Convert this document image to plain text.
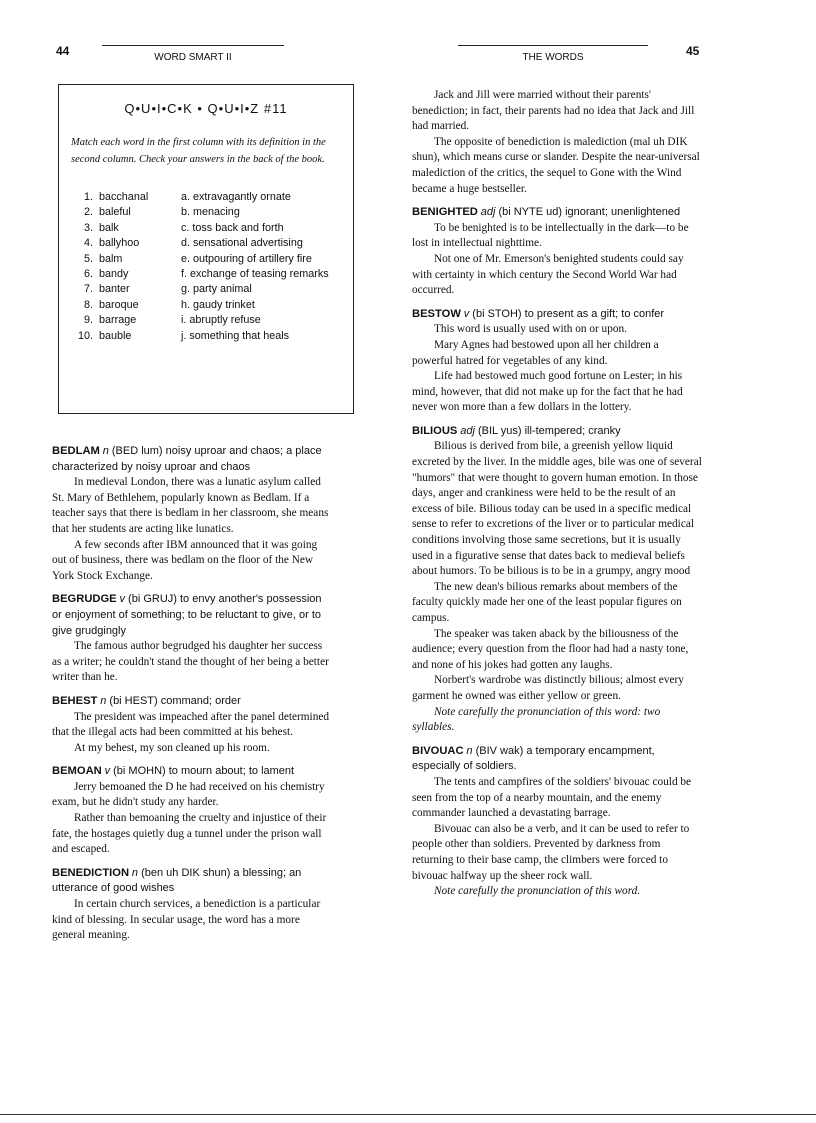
44	WORD SMART II	THE WORDS	45
Q•U•I•C•K • Q•U•I•Z #11

Match each word in the first column with its definition in the second column. Check your answers in the back of the book.

1. bacchanal	a. extravagantly ornate
2. baleful	b. menacing
3. balk	c. toss back and forth
4. ballyhoo	d. sensational advertising
5. balm	e. outpouring of artillery fire
6. bandy	f. exchange of teasing remarks
7. banter	g. party animal
8. baroque	h. gaudy trinket
9. barrage	i. abruptly refuse
10. bauble	j. something that heals

BEDLAM n (BED lum) noisy uproar and chaos; a place characterized by noisy uproar and chaos

In medieval London, there was a lunatic asylum called St. Mary of Bethlehem, popularly known as Bedlam. If a teacher says that there is bedlam in her classroom, she means that her students are acting like lunatics.

A few seconds after IBM announced that it was going out of business, there was bedlam on the floor of the New York Stock Exchange.

BEGRUDGE v (bi GRUJ) to envy another's possession or enjoyment of something; to be reluctant to give, or to give grudgingly

The famous author begrudged his daughter her success as a writer; he couldn't stand the thought of her being a better writer than he.

BEHEST n (bi HEST) command; order

The president was impeached after the panel determined that the illegal acts had been committed at his behest.

At my behest, my son cleaned up his room.

BEMOAN v (bi MOHN) to mourn about; to lament

Jerry bemoaned the D he had received on his chemistry exam, but he didn't study any harder.

Rather than bemoaning the cruelty and injustice of their fate, the hostages quietly dug a tunnel under the prison wall and escaped.

BENEDICTION n (ben uh DIK shun) a blessing; an utterance of good wishes

In certain church services, a benediction is a particular kind of blessing. In secular usage, the word has a more general meaning.

Jack and Jill were married without their parents' benediction; in fact, their parents had no idea that Jack and Jill had married.

The opposite of benediction is malediction (mal uh DIK shun), which means curse or slander. Despite the near-universal malediction of the critics, the sequel to Gone with the Wind became a huge bestseller.

BENIGHTED adj (bi NYTE ud) ignorant; unenlightened

To be benighted is to be intellectually in the dark—to be lost in intellectual nighttime.

Not one of Mr. Emerson's benighted students could say with certainty in which century the Second World War had occurred.

BESTOW v (bi STOH) to present as a gift; to confer

This word is usually used with on or upon.

Mary Agnes had bestowed upon all her children a powerful hatred for vegetables of any kind.

Life had bestowed much good fortune on Lester; in his mind, however, that did not make up for the fact that he had never won more than a few dollars in the lottery.

BILIOUS adj (BIL yus) ill-tempered; cranky

Bilious is derived from bile, a greenish yellow liquid excreted by the liver. In the middle ages, bile was one of several "humors" that were thought to govern human emotion. In those days, anger and crankiness were held to be the result of an excess of bile. Bilious today can be used in a specific medical sense to refer to excretions of the liver or to particular medical conditions involving those same secretions, but it is usually used in a figurative sense that dates back to medieval beliefs about humors. To be bilious is to be in a grumpy, angry mood

The new dean's bilious remarks about members of the faculty quickly made her one of the least popular figures on campus.

The speaker was taken aback by the biliousness of the audience; every question from the floor had had a nasty tone, and none of his jokes had gotten any laughs.

Norbert's wardrobe was distinctly bilious; almost every garment he owned was either yellow or green.

Note carefully the pronunciation of this word: two syllables.

BIVOUAC n (BIV wak) a temporary encampment, especially of soldiers.

The tents and campfires of the soldiers' bivouac could be seen from the top of a nearby mountain, and the enemy commander launched a devastating barrage.

Bivouac can also be a verb, and it can be used to refer to people other than soldiers. Prevented by darkness from returning to their base camp, the climbers were forced to bivouac halfway up the sheer rock wall.

Note carefully the pronunciation of this word.
